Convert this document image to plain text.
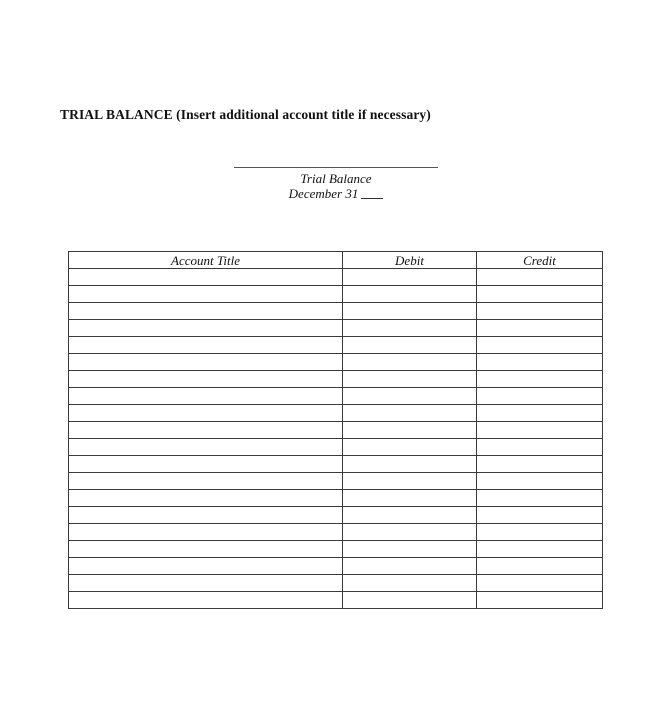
TRIAL BALANCE (Insert additional account title if necessary)
Trial Balance
December 31
Account Title	Debit	Credit
